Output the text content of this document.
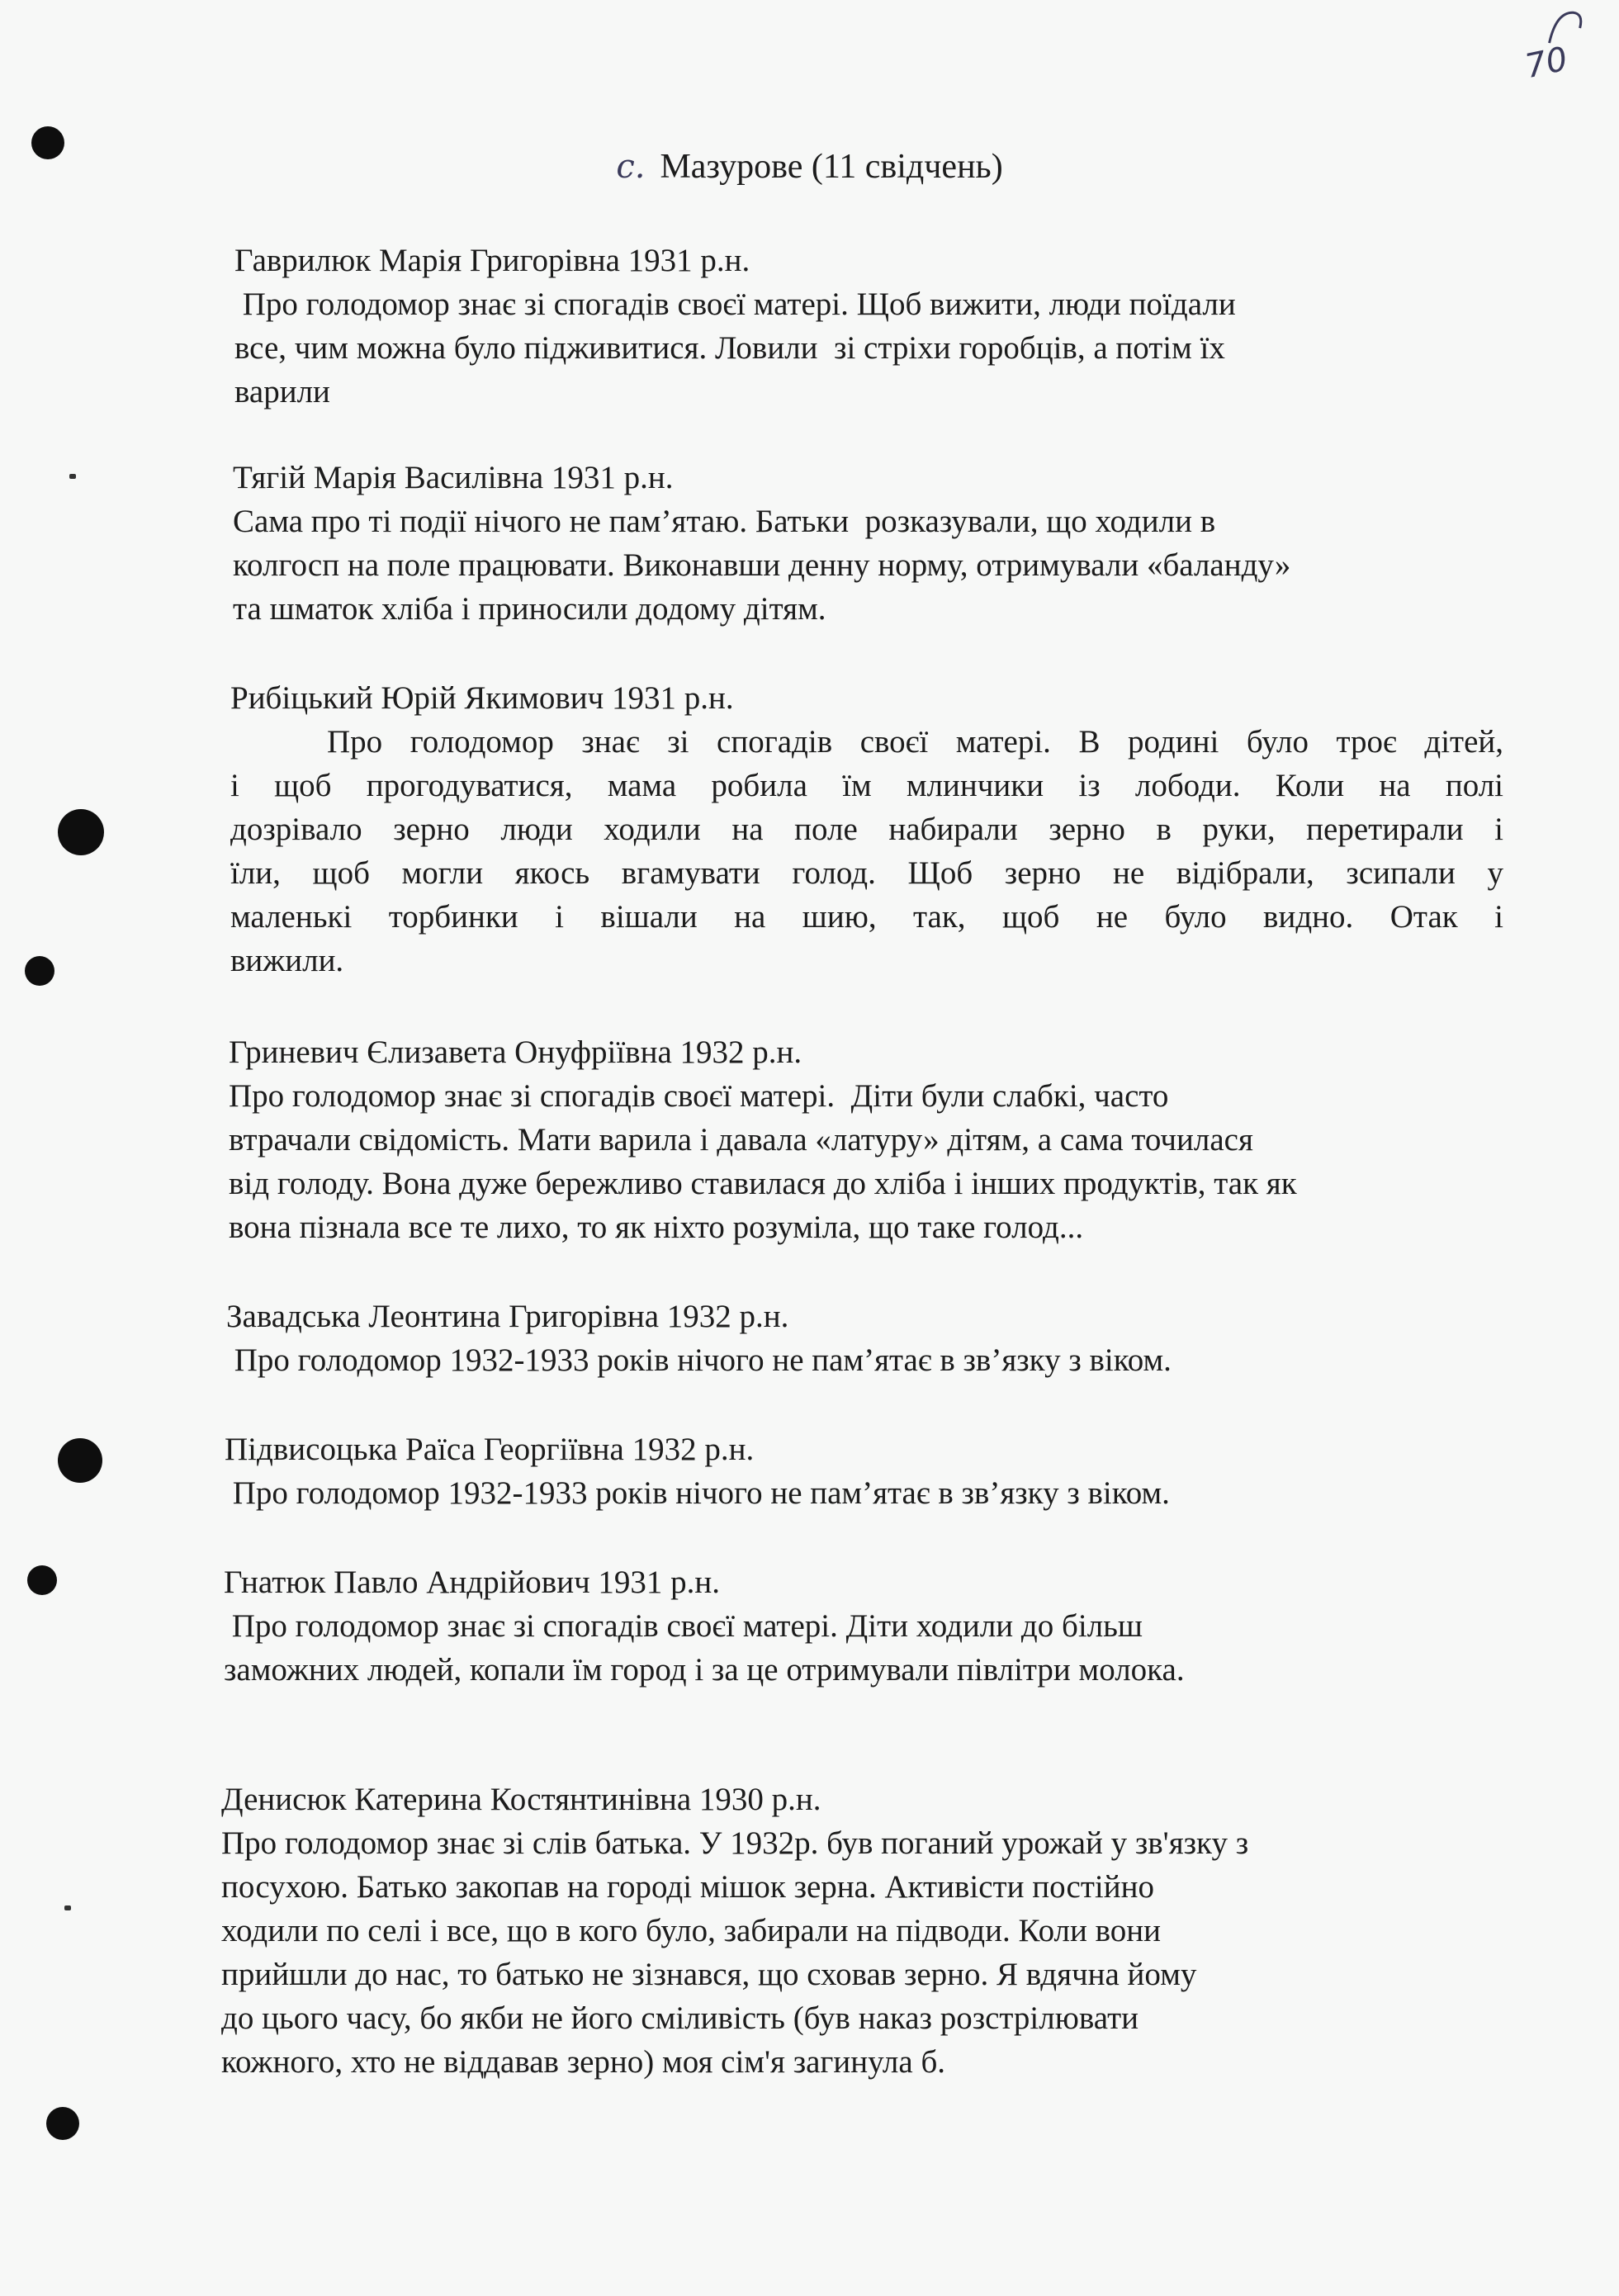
70
с. Мазурове (11 свідчень)
Гаврилюк Марія Григорівна 1931 р.н.
Про голодомор знає зі спогадів своєї матері. Щоб вижити, люди поїдали
все, чим можна було підживитися. Ловили  зі стріхи горобців, а потім їх
варили
Тягій Марія Василівна 1931 р.н.
Сама про ті події нічого не пам’ятаю. Батьки  розказували, що ходили в
колгосп на поле працювати. Виконавши денну норму, отримували «баланду»
та шматок хліба і приносили додому дітям.
Рибіцький Юрій Якимович 1931 р.н.
Про голодомор знає зі спогадів своєї матері. В родині було троє дітей,
і щоб прогодуватися, мама робила їм млинчики із лободи. Коли на полі
дозрівало зерно люди ходили на поле набирали зерно в руки, перетирали і
їли, щоб могли якось вгамувати голод. Щоб зерно не відібрали, зсипали у
маленькі торбинки і вішали на шию, так, щоб не було видно. Отак і
вижили.
Гриневич Єлизавета Онуфріївна 1932 р.н.
Про голодомор знає зі спогадів своєї матері.  Діти були слабкі, часто
втрачали свідомість. Мати варила і давала «латуру» дітям, а сама точилася
від голоду. Вона дуже бережливо ставилася до хліба і інших продуктів, так як
вона пізнала все те лихо, то як ніхто розуміла, що таке голод...
Завадська Леонтина Григорівна 1932 р.н.
Про голодомор 1932-1933 років нічого не пам’ятає в зв’язку з віком.
Підвисоцька Раїса Георгіївна 1932 р.н.
Про голодомор 1932-1933 років нічого не пам’ятає в зв’язку з віком.
Гнатюк Павло Андрійович 1931 р.н.
Про голодомор знає зі спогадів своєї матері. Діти ходили до більш
заможних людей, копали їм город і за це отримували півлітри молока.
Денисюк Катерина Костянтинівна 1930 р.н.
Про голодомор знає зі слів батька. У 1932р. був поганий урожай у зв'язку з
посухою. Батько закопав на городі мішок зерна. Активісти постійно
ходили по селі і все, що в кого було, забирали на підводи. Коли вони
прийшли до нас, то батько не зізнався, що сховав зерно. Я вдячна йому
до цього часу, бо якби не його сміливість (був наказ розстрілювати
кожного, хто не віддавав зерно) моя сім'я загинула б.
